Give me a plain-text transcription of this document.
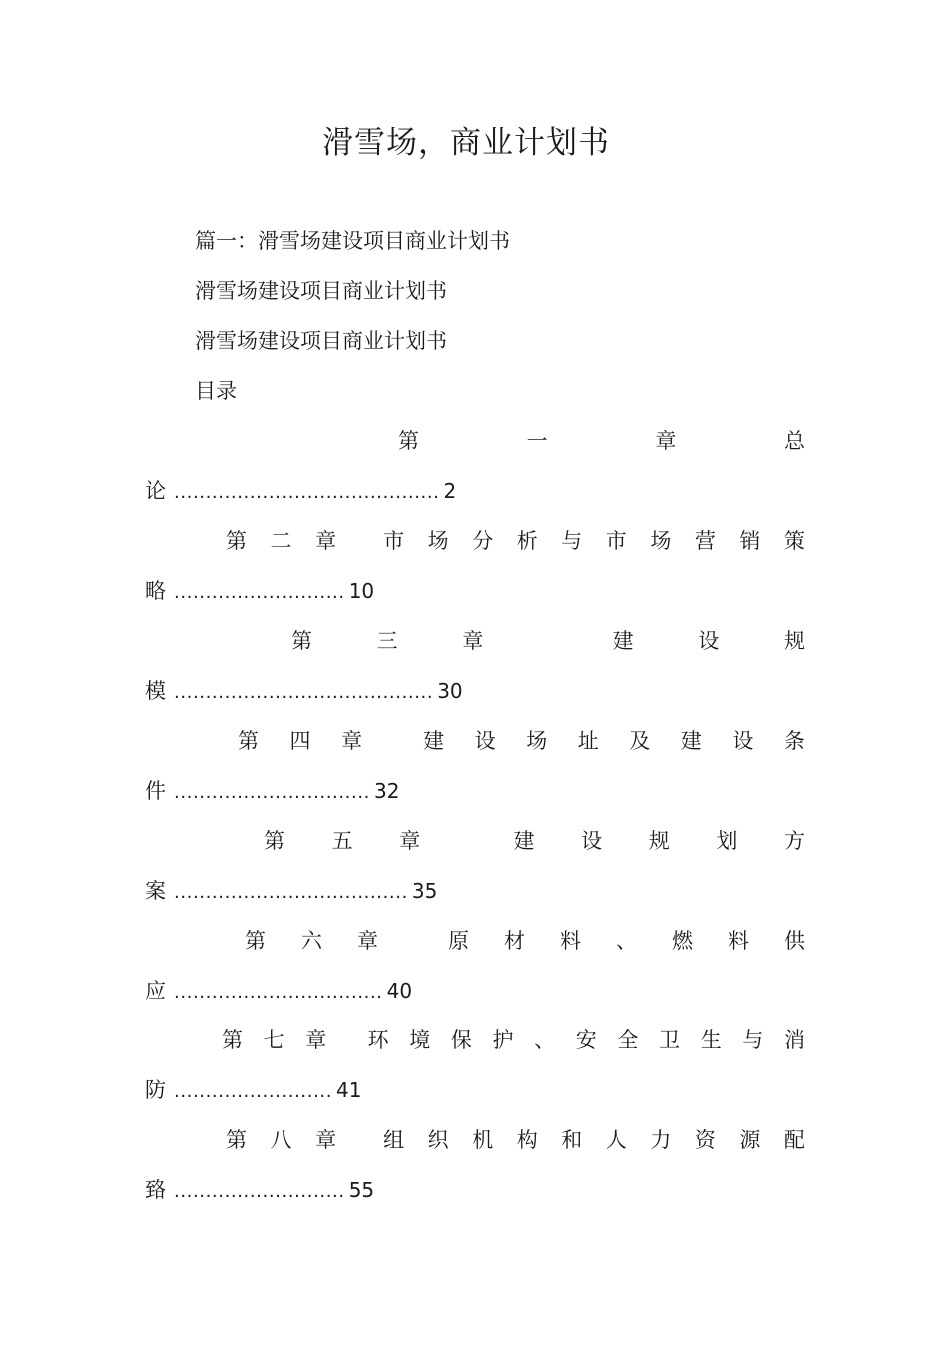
滑雪场，商业计划书
篇一：滑雪场建设项目商业计划书
滑雪场建设项目商业计划书
滑雪场建设项目商业计划书
目录
第	一	章	总
论 .......................................... 2
第 二 章 市 场 分 析 与 市 场 营 销 策
略 ........................... 10
第	三	章	建	设	规
模 ......................................... 30
第 四 章	建 设 场 址 及 建 设 条
件 ............................... 32
第 五 章	建 设 规 划 方
案 ..................................... 35
第 六 章	原 材 料 、 燃 料 供
应 ................................. 40
第 七 章 环 境 保 护 、 安 全 卫 生 与 消
防 ......................... 41
第 八 章 组 织 机 构 和 人 力 资 源 配
臵 ........................... 55
